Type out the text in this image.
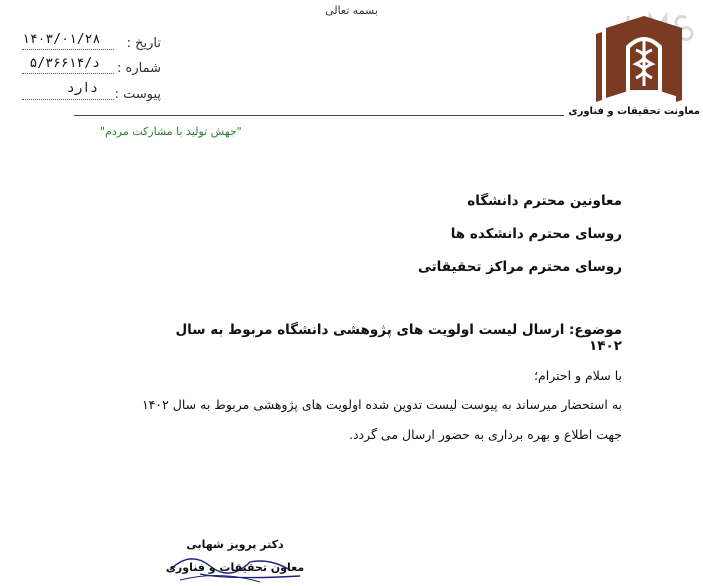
بسمه تعالی
معاونت تحقیقات و فناوری
تاریخ :
۱۴۰۳/۰۱/۲۸
شماره :
۵/د/۳۶۶۱۴
پیوست :
دارد
"جهش تولید با مشارکت مردم"
معاونین محترم دانشگاه
روسای محترم دانشکده ها
روسای محترم مراکز تحقیقاتی
موضوع: ارسال لیست اولویت های پژوهشی دانشگاه مربوط به سال ۱۴۰۲
با سلام و احترام؛
به استحضار میرساند به پیوست لیست تدوین شده اولویت های پژوهشی مربوط به سال ۱۴۰۲
جهت اطلاع و بهره برداری به حضور ارسال می گردد.
دکتر پرویز شهابی
معاون تحقیقات و فناوری
